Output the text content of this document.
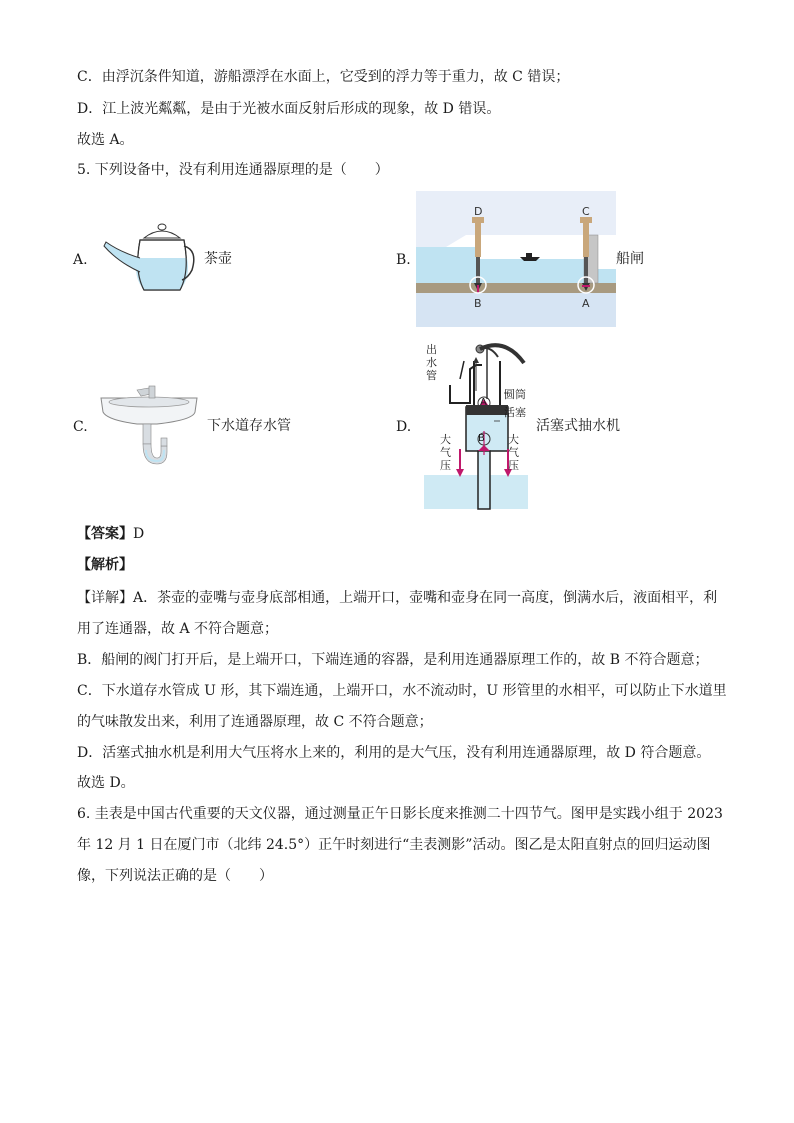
C．由浮沉条件知道，游船漂浮在水面上，它受到的浮力等于重力，故 C 错误；
D．江上波光粼粼，是由于光被水面反射后形成的现象，故 D 错误。
故选 A。
5. 下列设备中，没有利用连通器原理的是（　　）
A.	茶壶	B.
D	C
B	A
船闸
C.	下水道存水管	D.
出水管
圆筒
活塞
A
B
大气压
大气压
活塞式抽水机
【答案】D
【解析】
【详解】A．茶壶的壶嘴与壶身底部相通，上端开口，壶嘴和壶身在同一高度，倒满水后，液面相平，利
用了连通器，故 A 不符合题意；
B．船闸的阀门打开后，是上端开口，下端连通的容器，是利用连通器原理工作的，故 B 不符合题意；
C．下水道存水管成 U 形，其下端连通，上端开口，水不流动时，U 形管里的水相平，可以防止下水道里
的气味散发出来，利用了连通器原理，故 C 不符合题意；
D．活塞式抽水机是利用大气压将水上来的，利用的是大气压，没有利用连通器原理，故 D 符合题意。
故选 D。
6. 圭表是中国古代重要的天文仪器，通过测量正午日影长度来推测二十四节气。图甲是实践小组于 2023
年 12 月 1 日在厦门市（北纬 24.5°）正午时刻进行“圭表测影”活动。图乙是太阳直射点的回归运动图
像，下列说法正确的是（　　）
